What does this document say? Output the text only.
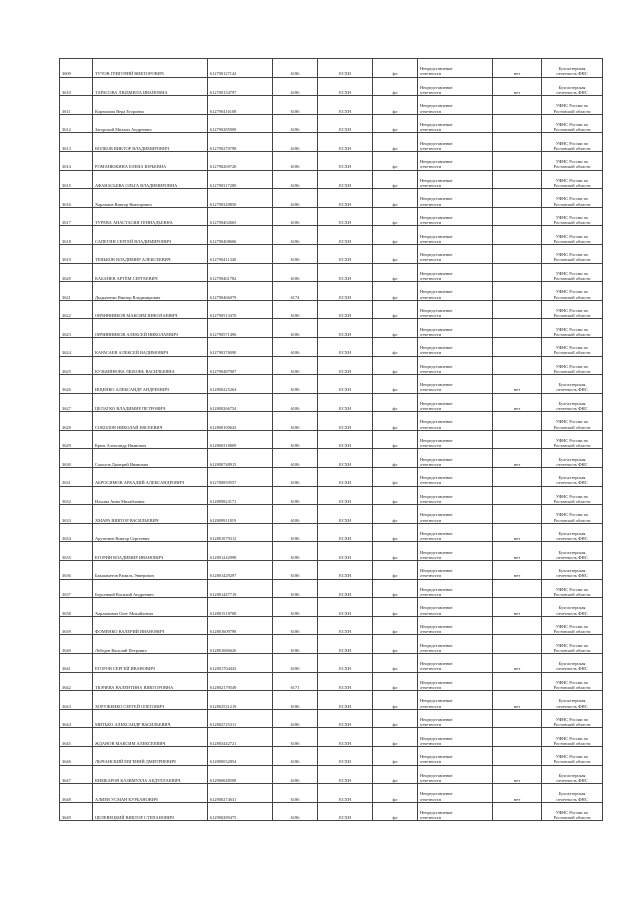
3609	ТУТОВ ГРИГОРИЙ ВИКТОРОВИЧ	612700127142	6186	ЕСХН	фл	Непредставление
отчетности	нет	Бухгалтерская
отчетность ФНС

3610	ТАРАСОВА ЛЮДМИЛА ИВАНОВНА	612700154797	6186	ЕСХН	фл	Непредставление
отчетности	нет	Бухгалтерская
отчетность ФНС

3611	Корнилова Вера Егоровна	612790416108	6186	ЕСХН	фл	Непредставление
отчетности		УФНС России по
Ростовской области

3612	Загорский Михаил Андреевич	612790285909	6186	ЕСХН	фл	Непредставление
отчетности		УФНС России по
Ростовской области

3613	ВОЛКОВ ВИКТОР ВЛАДИМИРОВИЧ	612790270798	6186	ЕСХН	фл	Непредставление
отчетности		УФНС России по
Ростовской области

3614	РОМАНЮКИНА ЕЛЕНА ЮРЬЕВНА	612790269720	6186	ЕСХН	фл	Непредставление
отчетности		УФНС России по
Ростовской области

3615	АФАНАСЬЕВА ОЛЬГА ВЛАДИМИРОВНА	612790317280	6186	ЕСХН	фл	Непредставление
отчетности		УФНС России по
Ростовской области

3616	Харламов Виктор Викторович	612790329850	6186	ЕСХН	фл	Непредставление
отчетности		УФНС России по
Ростовской области

3617	ТУРЕВА АНАСТАСИЯ ГЕННАДЬЕВНА	612790402665	6186	ЕСХН	фл	Непредставление
отчетности		УФНС России по
Ростовской области

3618	САПЕГИН СЕРГЕЙ ВЛАДИМИРОВИЧ	612790408606	6186	ЕСХН	фл	Непредставление
отчетности		УФНС России по
Ростовской области

3619	ТЕНЬКОВ ВЛАДИМИР АЛЕКСЕЕВИЧ	612790411340	6186	ЕСХН	фл	Непредставление
отчетности		УФНС России по
Ростовской области

3620	КАБАНЕВ АРТЁМ СЕРГЕЕВИЧ	612790461782	6186	ЕСХН	фл	Непредставление
отчетности		УФНС России по
Ростовской области

3621	Дыдыченко Виктор Владимирович	612790466079	6174	ЕСХН	фл	Непредставление
отчетности		УФНС России по
Ростовской области

3622	ОВЧИННИКОВ МАКСИМ НИКОЛАЕВИЧ	612790513470	6186	ЕСХН	фл	Непредставление
отчетности		УФНС России по
Ростовской области

3623	ОВЧИННИКОВ АЛЕКСЕЙ НИКОЛАЕВИЧ	612790571496	6186	ЕСХН	фл	Непредставление
отчетности		УФНС России по
Ростовской области

3624	КАРАСАЕВ АЛЕКСЕЙ ВАДИМОВИЧ	612790376090	6186	ЕСХН	фл	Непредставление
отчетности		УФНС России по
Ростовской области

3625	КУЗЬМИНОВА ЛЮБОВЬ ВАСИЛЬЕВНА	612790487907	6186	ЕСХН	фл	Непредставление
отчетности		УФНС России по
Ростовской области

3626	ИЩЕНКО АЛЕКСАНДР АНДРЕЕВИЧ	612800225264	6186	ЕСХН	фл	Непредставление
отчетности	нет	Бухгалтерская
отчетность ФНС

3627	ЦЕЛАТКО ВЛАДИМИР ПЕТРОВИЧ	612800266754	6186	ЕСХН	фл	Непредставление
отчетности	нет	Бухгалтерская
отчетность ФНС

3628	СОКОЛОВ НИКОЛАЙ ЕВСЕЕВИЧ	612800100643	6186	ЕСХН	фл	Непредставление
отчетности		УФНС России по
Ростовской области

3629	Крюк Александр Иванович	612800318809	6186	ЕСХН	фл	Непредставление
отчетности		УФНС России по
Ростовской области

3630	Соколов Дмитрий Иванович	612800748915	6186	ЕСХН	фл	Непредставление
отчетности	нет	Бухгалтерская
отчетность ФНС

3631	АБРОСИМОВ АРКАДИЙ АЛЕКСАНДРОВИЧ	612780859557	6186	ЕСХН	фл	Непредставление
отчетности		Бухгалтерская
отчетность ФНС

3632	Ильина Анна Михайловна	612809823171	6186	ЕСХН	фл	Непредставление
отчетности		УФНС России по
Ростовской области

3633	ХМАРА ВИКТОР ВАСИЛЬЕВИЧ	612809911819	6186	ЕСХН	фл	Непредставление
отчетности		УФНС России по
Ростовской области

3634	Арутюнов Виктор Сергеевич	612801079312	6186	ЕСХН	фл	Непредставление
отчетности	нет	Бухгалтерская
отчетность ФНС

3635	ЕГОРИН ВЛАДИМИР ИВАНОВИЧ	612801242998	6186	ЕСХН	фл	Непредставление
отчетности	нет	Бухгалтерская
отчетность ФНС

3636	Бакшаметов Рамиль Энверович	612801429297	6186	ЕСХН	фл	Непредставление
отчетности	нет	Бухгалтерская
отчетность ФНС

3637	Берсенкий Василий Андреевич	612801447719	6186	ЕСХН	фл	Непредставление
отчетности		УФНС России по
Ростовской области

3638	Харламович Олег Михайлович	612801518708	6186	ЕСХН	фл	Непредставление
отчетности	нет	Бухгалтерская
отчетность ФНС

3639	ФОМЕНКО ВАЛЕРИЙ ИВАНОВИЧ	612801609798	6186	ЕСХН	фл	Непредставление
отчетности		УФНС России по
Ростовской области

3640	Лебедев Василий Петрович	612801686626	6186	ЕСХН	фл	Непредставление
отчетности		УФНС России по
Ростовской области

3641	ЕГОРОВ СЕРГЕЙ ИВАНОВИЧ	612801704443	6186	ЕСХН	фл	Непредставление
отчетности	нет	Бухгалтерская
отчетность ФНС

3642	ТКАЧЕВА ВАЛЕНТИНА ВИКТОРОВНА	612802179549	6171	ЕСХН	фл	Непредставление
отчетности		УФНС России по
Ростовской области

3643	ХОРУЖЕНКО СЕРГЕЙ ОЛЕГОВИЧ	612802531219	6186	ЕСХН	фл	Непредставление
отчетности	нет	Бухгалтерская
отчетность ФНС

3644	МИТЬКО АЛЕКСАНДР ВАСИЛЬЕВИЧ	612802725311	6186	ЕСХН	фл	Непредставление
отчетности		УФНС России по
Ростовской области

3645	ЖДАНОВ МАКСИМ АЛЕКСЕЕВИЧ	612803442721	6186	ЕСХН	фл	Непредставление
отчетности		УФНС России по
Ростовской области

3646	ЛЫЧАНСКИЙ ЕВГЕНИЙ ДМИТРИЕВИЧ	612800032854	6186	ЕСХН	фл	Непредставление
отчетности		УФНС России по
Ростовской области

3647	КИМБАРОВ КАЗИМУЛЛА АБДУЛЛАЕВИЧ	612900048508	6186	ЕСХН	фл	Непредставление
отчетности	нет	Бухгалтерская
отчетность ФНС

3648	АЛИЕВ УСМАН КУРБАНОВИЧ	612900274631	6186	ЕСХН	фл	Непредставление
отчетности	нет	Бухгалтерская
отчетность ФНС

3649	ЦЕЛЕВЕЦКИЙ ВИКТОР СТЕПАНОВИЧ	612900289475	6186	ЕСХН	фл	Непредставление
отчетности		УФНС России по
Ростовской области
